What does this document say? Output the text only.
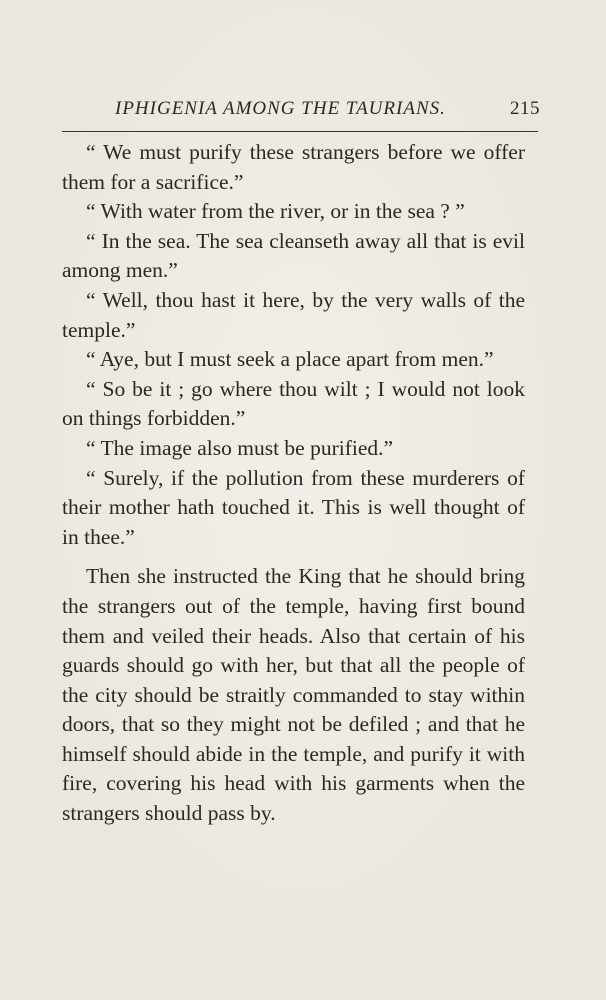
IPHIGENIA AMONG THE TAURIANS.	215

“ We must purify these strangers before we offer them for a sacrifice.”

“ With water from the river, or in the sea ? ”

“ In the sea. The sea cleanseth away all that is evil among men.”

“ Well, thou hast it here, by the very walls of the temple.”

“ Aye, but I must seek a place apart from men.”

“ So be it ; go where thou wilt ; I would not look on things forbidden.”

“ The image also must be purified.”

“ Surely, if the pollution from these murderers of their mother hath touched it. This is well thought of in thee.”

Then she instructed the King that he should bring the strangers out of the temple, having first bound them and veiled their heads. Also that certain of his guards should go with her, but that all the people of the city should be straitly commanded to stay within doors, that so they might not be defiled ; and that he himself should abide in the temple, and purify it with fire, covering his head with his garments when the strangers should pass by.
